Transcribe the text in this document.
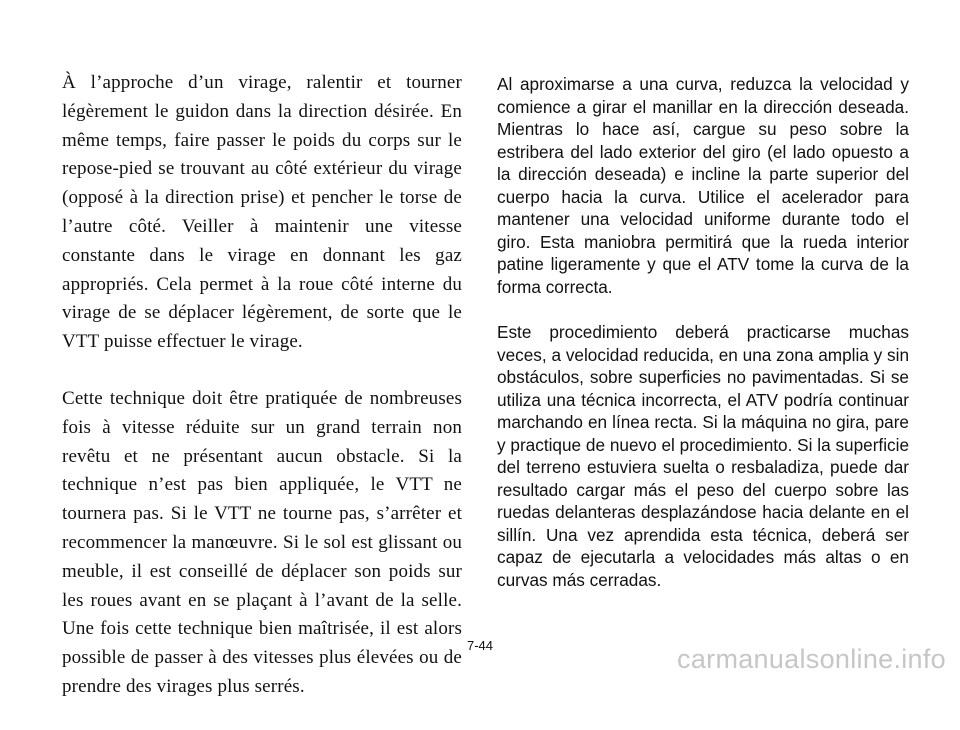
À l’approche d’un virage, ralentir et tourner légèrement le guidon dans la direction désirée. En même temps, faire passer le poids du corps sur le repose-pied se trouvant au côté extérieur du virage (opposé à la direction prise) et pencher le torse de l’autre côté. Veiller à maintenir une vitesse constante dans le virage en donnant les gaz appropriés. Cela permet à la roue côté interne du virage de se déplacer légèrement, de sorte que le VTT puisse effectuer le virage.

Cette technique doit être pratiquée de nombreuses fois à vitesse réduite sur un grand terrain non revêtu et ne présentant aucun obstacle. Si la technique n’est pas bien appliquée, le VTT ne tournera pas. Si le VTT ne tourne pas, s’arrêter et recommencer la manœuvre. Si le sol est glissant ou meuble, il est conseillé de déplacer son poids sur les roues avant en se plaçant à l’avant de la selle. Une fois cette technique bien maîtrisée, il est alors possible de passer à des vitesses plus élevées ou de prendre des virages plus serrés.

Al aproximarse a una curva, reduzca la velocidad y comience a girar el manillar en la dirección deseada. Mientras lo hace así, cargue su peso sobre la estribera del lado exterior del giro (el lado opuesto a la dirección deseada) e incline la parte superior del cuerpo hacia la curva. Utilice el acelerador para mantener una velocidad uniforme durante todo el giro. Esta maniobra permitirá que la rueda interior patine ligeramente y que el ATV tome la curva de la forma correcta.

Este procedimiento deberá practicarse muchas veces, a velocidad reducida, en una zona amplia y sin obstáculos, sobre superficies no pavimentadas. Si se utiliza una técnica incorrecta, el ATV podría continuar marchando en línea recta. Si la máquina no gira, pare y practique de nuevo el procedimiento. Si la superficie del terreno estuviera suelta o resbaladiza, puede dar resultado cargar más el peso del cuerpo sobre las ruedas delanteras desplazándose hacia delante en el sillín. Una vez aprendida esta técnica, deberá ser capaz de ejecutarla a velocidades más altas o en curvas más cerradas.

7-44	carmanualsonline.info
